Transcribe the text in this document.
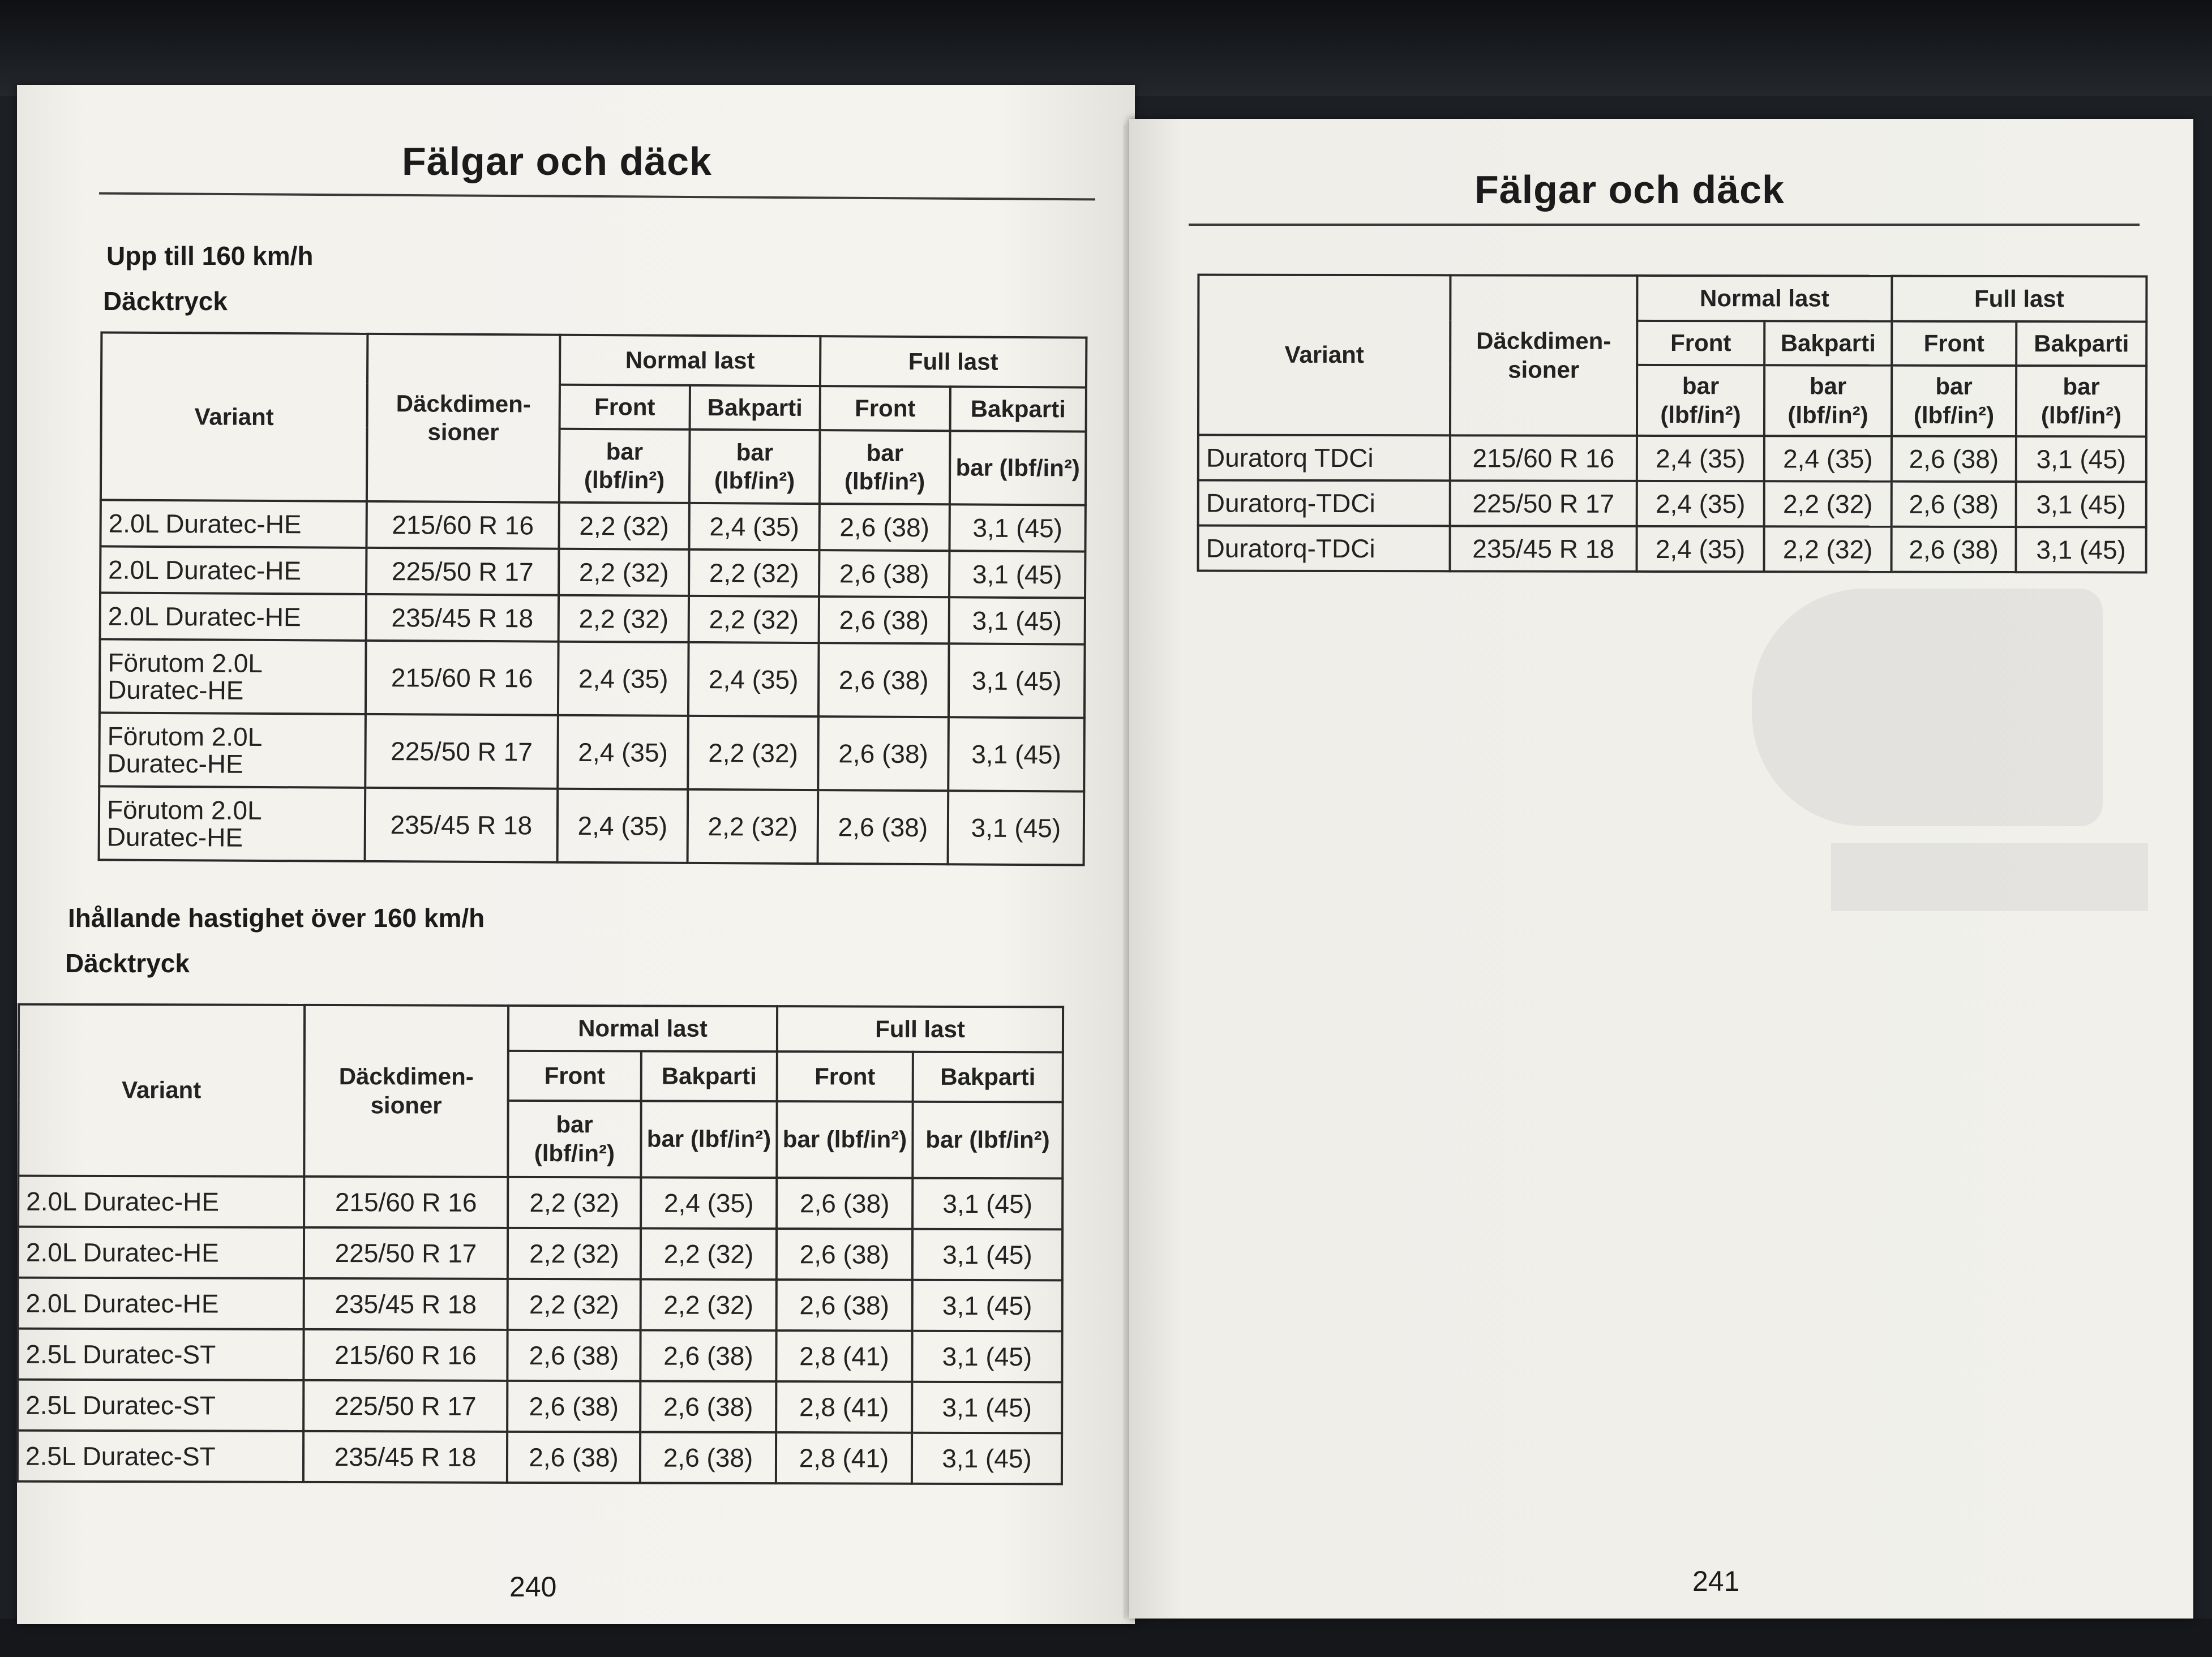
Fälgar och däck
Upp till 160 km/h
Däcktryck
Variant	Däckdimen-sioner	Normal last		Full last	
		Front	Bakparti	Front	Bakparti
		bar (lbf/in²)	bar (lbf/in²)	bar (lbf/in²)	bar (lbf/in²)
2.0L Duratec-HE	215/60 R 16	2,2 (32)	2,4 (35)	2,6 (38)	3,1 (45)
2.0L Duratec-HE	225/50 R 17	2,2 (32)	2,2 (32)	2,6 (38)	3,1 (45)
2.0L Duratec-HE	235/45 R 18	2,2 (32)	2,2 (32)	2,6 (38)	3,1 (45)
Förutom 2.0L Duratec-HE	215/60 R 16	2,4 (35)	2,4 (35)	2,6 (38)	3,1 (45)
Förutom 2.0L Duratec-HE	225/50 R 17	2,4 (35)	2,2 (32)	2,6 (38)	3,1 (45)
Förutom 2.0L Duratec-HE	235/45 R 18	2,4 (35)	2,2 (32)	2,6 (38)	3,1 (45)
Ihållande hastighet över 160 km/h
Däcktryck
Variant	Däckdimen-sioner	Normal last		Full last	
		Front	Bakparti	Front	Bakparti
		bar (lbf/in²)	bar (lbf/in²)	bar (lbf/in²)	bar (lbf/in²)
2.0L Duratec-HE	215/60 R 16	2,2 (32)	2,4 (35)	2,6 (38)	3,1 (45)
2.0L Duratec-HE	225/50 R 17	2,2 (32)	2,2 (32)	2,6 (38)	3,1 (45)
2.0L Duratec-HE	235/45 R 18	2,2 (32)	2,2 (32)	2,6 (38)	3,1 (45)
2.5L Duratec-ST	215/60 R 16	2,6 (38)	2,6 (38)	2,8 (41)	3,1 (45)
2.5L Duratec-ST	225/50 R 17	2,6 (38)	2,6 (38)	2,8 (41)	3,1 (45)
2.5L Duratec-ST	235/45 R 18	2,6 (38)	2,6 (38)	2,8 (41)	3,1 (45)
240
Fälgar och däck
Variant	Däckdimen-sioner	Normal last		Full last	
		Front	Bakparti	Front	Bakparti
		bar (lbf/in²)	bar (lbf/in²)	bar (lbf/in²)	bar (lbf/in²)
Duratorq TDCi	215/60 R 16	2,4 (35)	2,4 (35)	2,6 (38)	3,1 (45)
Duratorq-TDCi	225/50 R 17	2,4 (35)	2,2 (32)	2,6 (38)	3,1 (45)
Duratorq-TDCi	235/45 R 18	2,4 (35)	2,2 (32)	2,6 (38)	3,1 (45)
241
